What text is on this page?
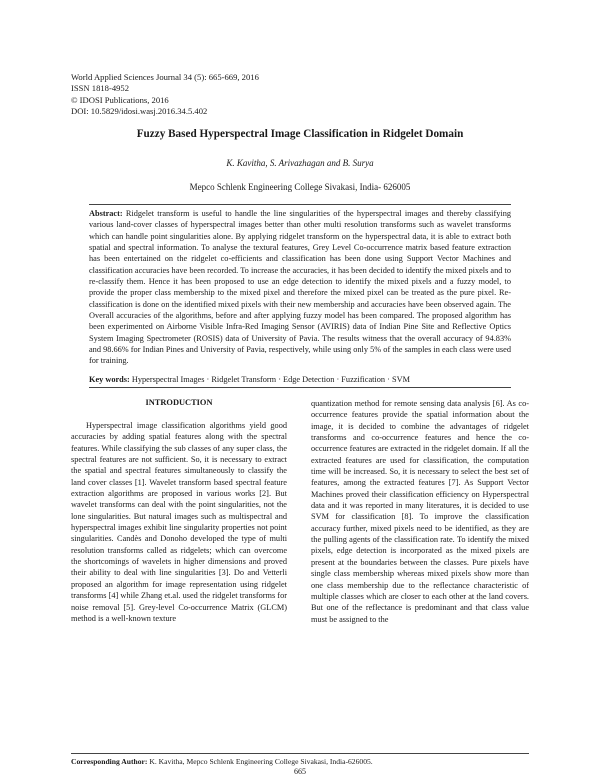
World Applied Sciences Journal 34 (5): 665-669, 2016
ISSN 1818-4952
© IDOSI Publications, 2016
DOI: 10.5829/idosi.wasj.2016.34.5.402
Fuzzy Based Hyperspectral Image Classification in Ridgelet Domain
K. Kavitha, S. Arivazhagan and B. Surya
Mepco Schlenk Engineering College Sivakasi, India- 626005
Abstract: Ridgelet transform is useful to handle the line singularities of the hyperspectral images and thereby classifying various land-cover classes of hyperspectral images better than other multi resolution transforms such as wavelet transforms which can handle point singularities alone. By applying ridgelet transform on the hyperspectral data, it is able to extract both spatial and spectral information. To analyse the textural features, Grey Level Co-occurrence matrix based feature extraction has been entertained on the ridgelet co-efficients and classification has been done using Support Vector Machines and classification accuracies have been recorded. To increase the accuracies, it has been decided to identify the mixed pixels and to re-classify them. Hence it has been proposed to use an edge detection to identify the mixed pixels and a fuzzy model, to provide the proper class membership to the mixed pixel and therefore the mixed pixel can be treated as the pure pixel. Re-classification is done on the identified mixed pixels with their new membership and accuracies have been observed again. The Overall accuracies of the algorithms, before and after applying fuzzy model has been compared. The proposed algorithm has been experimented on Airborne Visible Infra-Red Imaging Sensor (AVIRIS) data of Indian Pine Site and Reflective Optics System Imaging Spectrometer (ROSIS) data of University of Pavia. The results witness that the overall accuracy of 94.83% and 98.66% for Indian Pines and University of Pavia, respectively, while using only 5% of the samples in each class were used for training.
Key words: Hyperspectral Images · Ridgelet Transform · Edge Detection · Fuzzification · SVM
INTRODUCTION

Hyperspectral image classification algorithms yield good accuracies by adding spatial features along with the spectral features. While classifying the sub classes of any super class, the spectral features are not sufficient. So, it is necessary to extract the spatial and spectral features simultaneously to classify the land cover classes [1]. Wavelet transform based spectral feature extraction algorithms are proposed in various works [2]. But wavelet transforms can deal with the point singularities, not the lone singularities. But natural images such as multispectral and hyperspectral images exhibit line singularity properties not point singularities. Candès and Donoho developed the type of multi resolution transforms called as ridgelets; which can overcome the shortcomings of wavelets in higher dimensions and proved their ability to deal with line singularities [3]. Do and Vetterli proposed an algorithm for image representation using ridgelet transforms [4] while Zhang et.al. used the ridgelet transforms for noise removal [5]. Grey-level Co-occurrence Matrix (GLCM) method is a well-known texture

quantization method for remote sensing data analysis [6]. As co-occurrence features provide the spatial information about the image, it is decided to combine the advantages of ridgelet transforms and co-occurrence features and hence the co-occurrence features are extracted in the ridgelet domain. If all the extracted features are used for classification, the computation time will be increased. So, it is necessary to select the best set of features, among the extracted features [7]. As Support Vector Machines proved their classification efficiency on Hyperspectral data and it was reported in many literatures, it is decided to use SVM for classification [8]. To improve the classification accuracy further, mixed pixels need to be identified, as they are the pulling agents of the classification rate. To identify the mixed pixels, edge detection is incorporated as the mixed pixels are present at the boundaries between the classes. Pure pixels have single class membership whereas mixed pixels show more than one class membership due to the reflectance characteristic of multiple classes which are closer to each other at the land covers. But one of the reflectance is predominant and that class value must be assigned to the

Corresponding Author: K. Kavitha, Mepco Schlenk Engineering College Sivakasi, India-626005.
665
